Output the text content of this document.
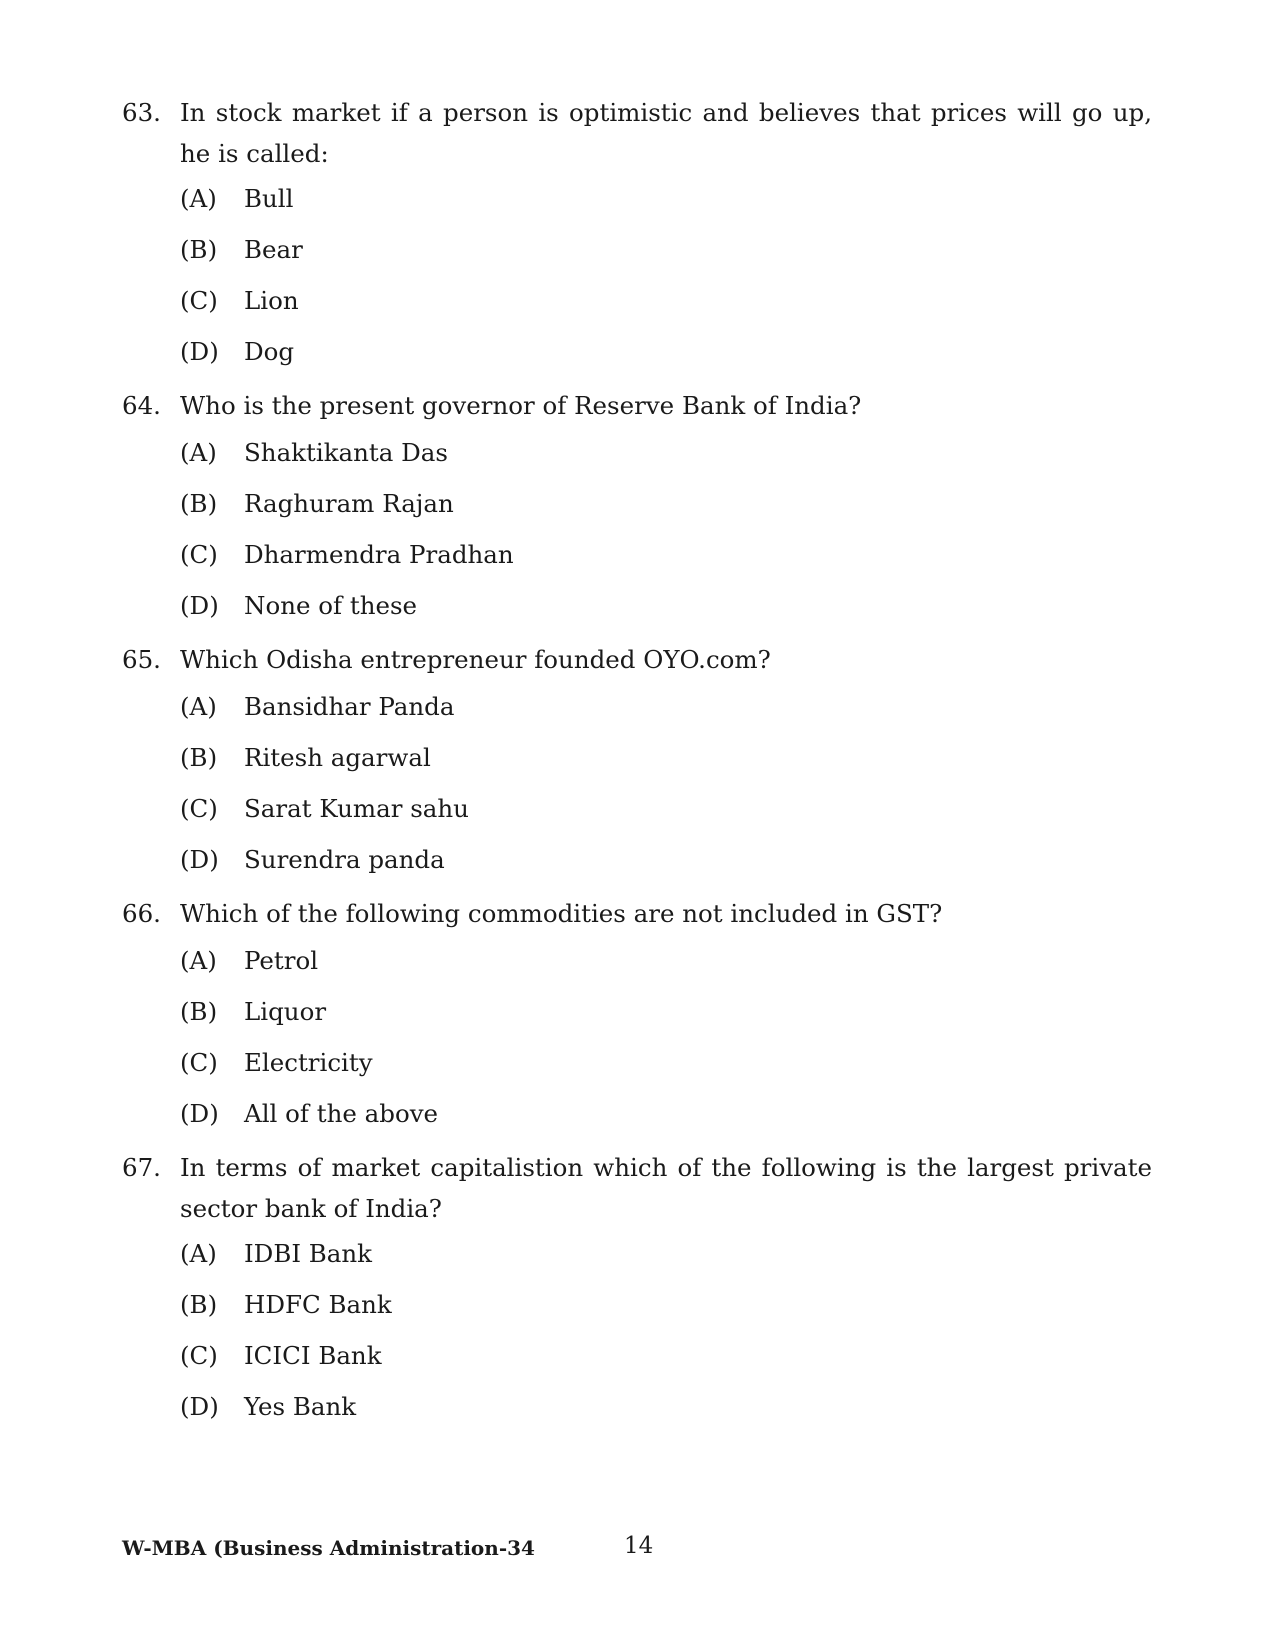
63. In stock market if a person is optimistic and believes that prices will go up, he is called:
(A) Bull
(B) Bear
(C) Lion
(D) Dog
64. Who is the present governor of Reserve Bank of India?
(A) Shaktikanta Das
(B) Raghuram Rajan
(C) Dharmendra Pradhan
(D) None of these
65. Which Odisha entrepreneur founded OYO.com?
(A) Bansidhar Panda
(B) Ritesh agarwal
(C) Sarat Kumar sahu
(D) Surendra panda
66. Which of the following commodities are not included in GST?
(A) Petrol
(B) Liquor
(C) Electricity
(D) All of the above
67. In terms of market capitalistion which of the following is the largest private sector bank of India?
(A) IDBI Bank
(B) HDFC Bank
(C) ICICI Bank
(D) Yes Bank
W-MBA (Business Administration-34	14
